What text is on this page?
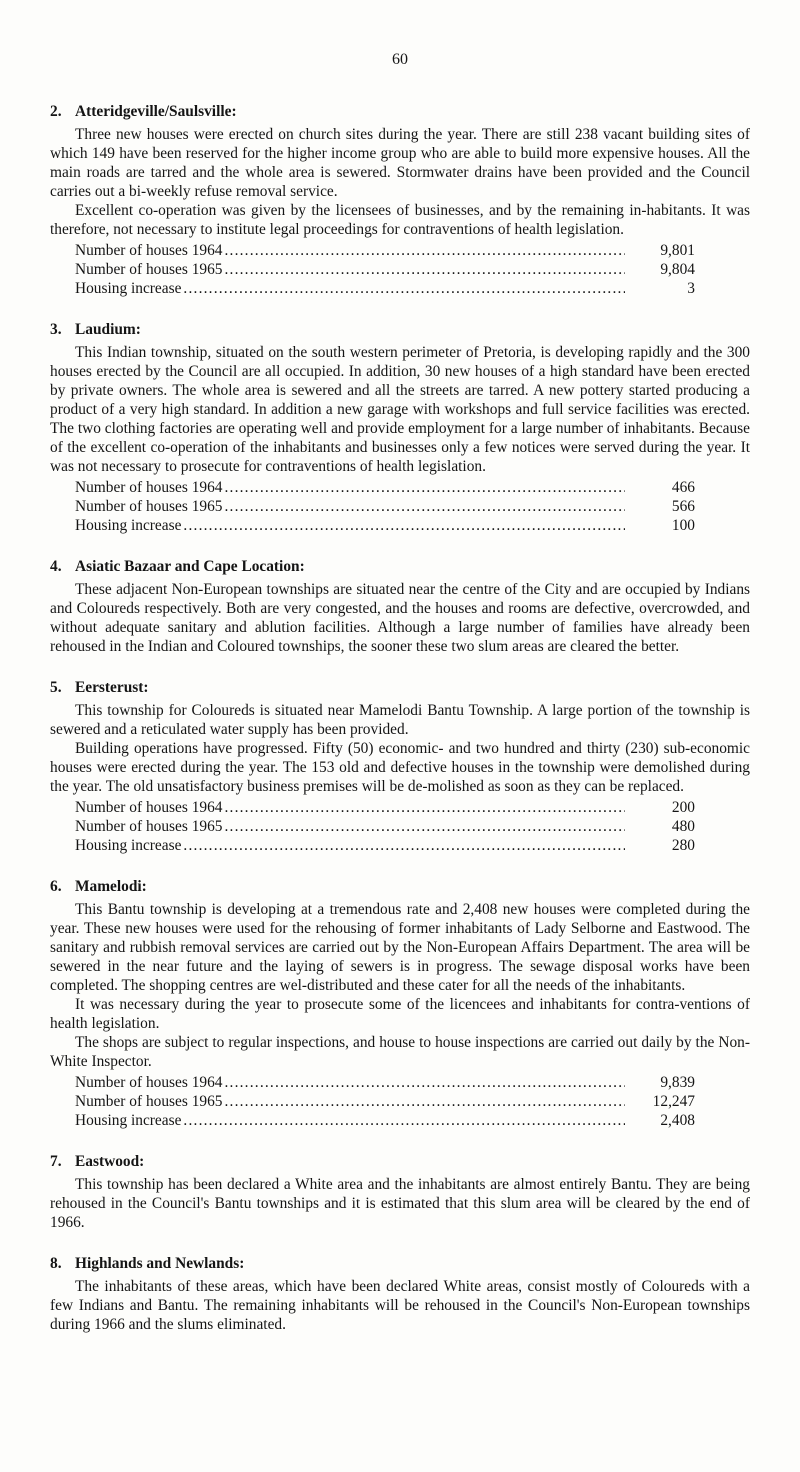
60
2. Atteridgeville/Saulsville:

Three new houses were erected on church sites during the year. There are still 238 vacant building sites of which 149 have been reserved for the higher income group who are able to build more expensive houses. All the main roads are tarred and the whole area is sewered. Stormwater drains have been provided and the Council carries out a bi-weekly refuse removal service.

Excellent co-operation was given by the licensees of businesses, and by the remaining in‐habitants. It was therefore, not necessary to institute legal proceedings for contraventions of health legislation.

Number of houses 1964 .....	9,801
Number of houses 1965 .....	9,804
Housing increase .....	3
3. Laudium:

This Indian township, situated on the south western perimeter of Pretoria, is developing rapidly and the 300 houses erected by the Council are all occupied. In addition, 30 new houses of a high standard have been erected by private owners. The whole area is sewered and all the streets are tarred. A new pottery started producing a product of a very high standard. In addition a new garage with workshops and full service facilities was erected. The two clothing factories are operating well and provide employment for a large number of inhabitants. Because of the excellent co-operation of the inhabitants and businesses only a few notices were served during the year. It was not necessary to prosecute for contraventions of health legislation.

Number of houses 1964 .....	466
Number of houses 1965 .....	566
Housing increase .....	100
4. Asiatic Bazaar and Cape Location:

These adjacent Non-European townships are situated near the centre of the City and are occupied by Indians and Coloureds respectively. Both are very congested, and the houses and rooms are defective, overcrowded, and without adequate sanitary and ablution facilities. Although a large number of families have already been rehoused in the Indian and Coloured townships, the sooner these two slum areas are cleared the better.

5. Eersterust:

This township for Coloureds is situated near Mamelodi Bantu Township. A large portion of the township is sewered and a reticulated water supply has been provided.

Building operations have progressed. Fifty (50) economic- and two hundred and thirty (230) sub-economic houses were erected during the year. The 153 old and defective houses in the township were demolished during the year. The old unsatisfactory business premises will be de‐molished as soon as they can be replaced.

Number of houses 1964 .....	200
Number of houses 1965 .....	480
Housing increase .....	280
6. Mamelodi:

This Bantu township is developing at a tremendous rate and 2,408 new houses were completed during the year. These new houses were used for the rehousing of former inhabitants of Lady Selborne and Eastwood. The sanitary and rubbish removal services are carried out by the Non-European Affairs Department. The area will be sewered in the near future and the laying of sewers is in progress. The sewage disposal works have been completed. The shopping centres are wel‐distributed and these cater for all the needs of the inhabitants.

It was necessary during the year to prosecute some of the licencees and inhabitants for contra‐ventions of health legislation.

The shops are subject to regular inspections, and house to house inspections are carried out daily by the Non-White Inspector.

Number of houses 1964 .....	9,839
Number of houses 1965 .....	12,247
Housing increase .....	2,408
7. Eastwood:

This township has been declared a White area and the inhabitants are almost entirely Bantu. They are being rehoused in the Council's Bantu townships and it is estimated that this slum area will be cleared by the end of 1966.

8. Highlands and Newlands:

The inhabitants of these areas, which have been declared White areas, consist mostly of Coloureds with a few Indians and Bantu. The remaining inhabitants will be rehoused in the Council's Non-European townships during 1966 and the slums eliminated.
